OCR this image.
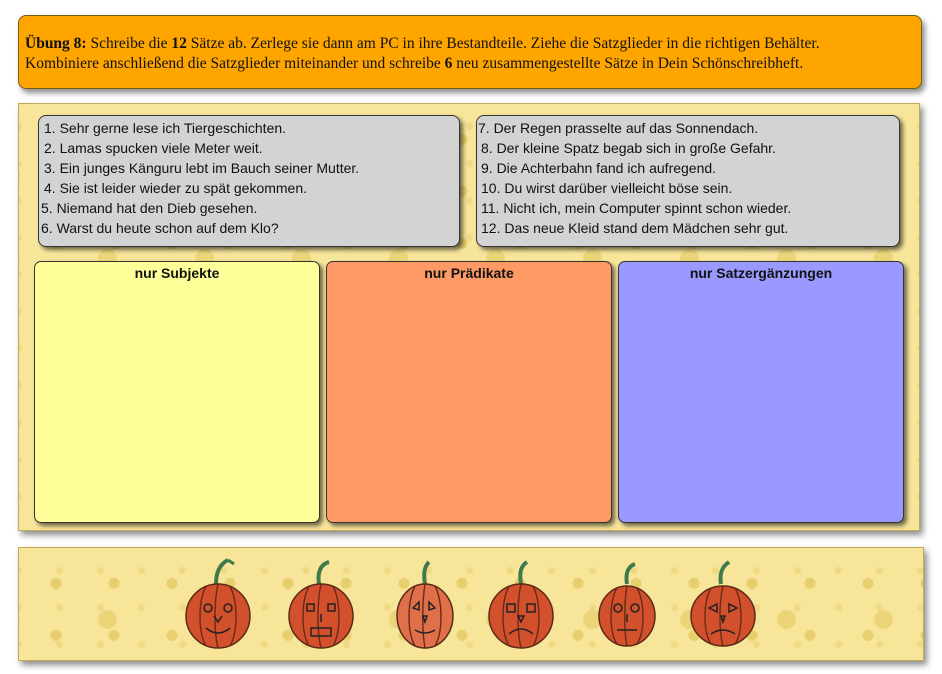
Übung 8: Schreibe die 12 Sätze ab. Zerlege sie dann am PC in ihre Bestandteile. Ziehe die Satzglieder in die richtigen Behälter.
Kombiniere anschließend die Satzglieder miteinander und schreibe 6 neu zusammengestellte Sätze in Dein Schönschreibheft.
1. Sehr gerne lese ich Tiergeschichten.
2. Lamas spucken viele Meter weit.
3. Ein junges Känguru lebt im Bauch seiner Mutter.
4. Sie ist leider wieder zu spät gekommen.
5. Niemand hat den Dieb gesehen.
6. Warst du heute schon auf dem Klo?
7. Der Regen prasselte auf das Sonnendach.
8. Der kleine Spatz begab sich in große Gefahr.
9. Die Achterbahn fand ich aufregend.
10. Du wirst darüber vielleicht böse sein.
11. Nicht ich, mein Computer spinnt schon wieder.
12. Das neue Kleid stand dem Mädchen sehr gut.
nur Subjekte	nur Prädikate	nur Satzergänzungen
